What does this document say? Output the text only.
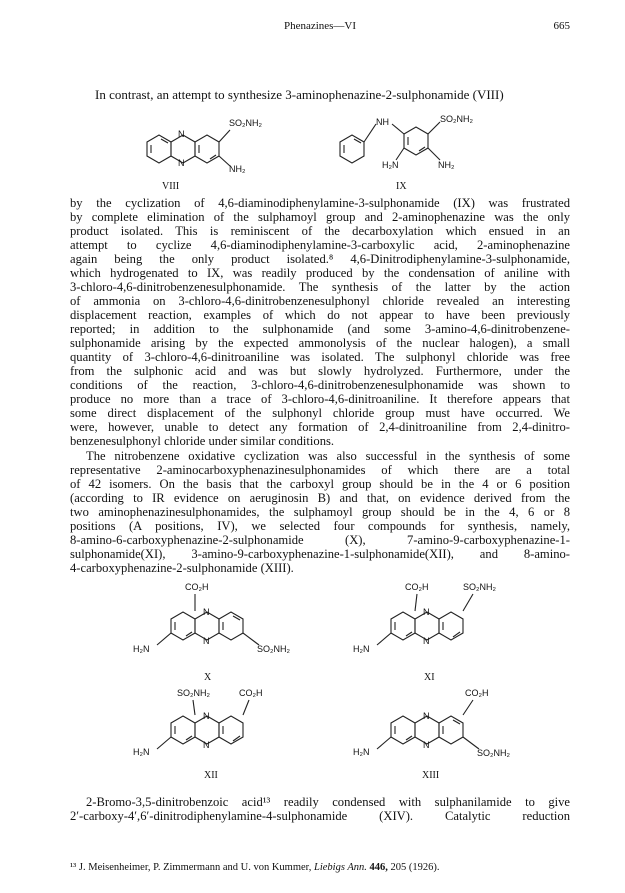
Phenazines—VI	665
In contrast, an attempt to synthesize 3-aminophenazine-2-sulphonamide (VIII)
N
N
SO₂NH₂
NH₂
VIII
NH	SO₂NH₂
H₂N	NH₂
IX
by the cyclization of 4,6-diaminodiphenylamine-3-sulphonamide (IX) was frustrated
by complete elimination of the sulphamoyl group and 2-aminophenazine was the only
product isolated. This is reminiscent of the decarboxylation which ensued in an
attempt to cyclize 4,6-diaminodiphenylamine-3-carboxylic acid, 2-aminophenazine
again being the only product isolated.⁸ 4,6-Dinitrodiphenylamine-3-sulphonamide,
which hydrogenated to IX, was readily produced by the condensation of aniline with
3-chloro-4,6-dinitrobenzenesulphonamide. The synthesis of the latter by the action
of ammonia on 3-chloro-4,6-dinitrobenzenesulphonyl chloride revealed an interesting
displacement reaction, examples of which do not appear to have been previously
reported; in addition to the sulphonamide (and some 3-amino-4,6-dinitrobenzene-
sulphonamide arising by the expected ammonolysis of the nuclear halogen), a small
quantity of 3-chloro-4,6-dinitroaniline was isolated. The sulphonyl chloride was free
from the sulphonic acid and was but slowly hydrolyzed. Furthermore, under the
conditions of the reaction, 3-chloro-4,6-dinitrobenzenesulphonamide was shown to
produce no more than a trace of 3-chloro-4,6-dinitroaniline. It therefore appears that
some direct displacement of the sulphonyl chloride group must have occurred. We
were, however, unable to detect any formation of 2,4-dinitroaniline from 2,4-dinitro-
benzenesulphonyl chloride under similar conditions.
The nitrobenzene oxidative cyclization was also successful in the synthesis of some
representative 2-aminocarboxyphenazinesulphonamides of which there are a total
of 42 isomers. On the basis that the carboxyl group should be in the 4 or 6 position
(according to IR evidence on aeruginosin B) and that, on evidence derived from the
two aminophenazinesulphonamides, the sulphamoyl group should be in the 4, 6 or 8
positions (A positions, IV), we selected four compounds for synthesis, namely,
8-amino-6-carboxyphenazine-2-sulphonamide (X), 7-amino-9-carboxyphenazine-1-
sulphonamide(XI), 3-amino-9-carboxyphenazine-1-sulphonamide(XII), and 8-amino-
4-carboxyphenazine-2-sulphonamide (XIII).
CO₂H
N
N
H₂N	SO₂NH₂
X
CO₂H	SO₂NH₂
N
N
H₂N
XI
SO₂NH₂	CO₂H
N
N
H₂N
XII
CO₂H
N
N
H₂N	SO₂NH₂
XIII
2-Bromo-3,5-dinitrobenzoic acid¹³ readily condensed with sulphanilamide to give
2′-carboxy-4′,6′-dinitrodiphenylamine-4-sulphonamide (XIV). Catalytic reduction
¹³ J. Meisenheimer, P. Zimmermann and U. von Kummer, Liebigs Ann. 446, 205 (1926).
